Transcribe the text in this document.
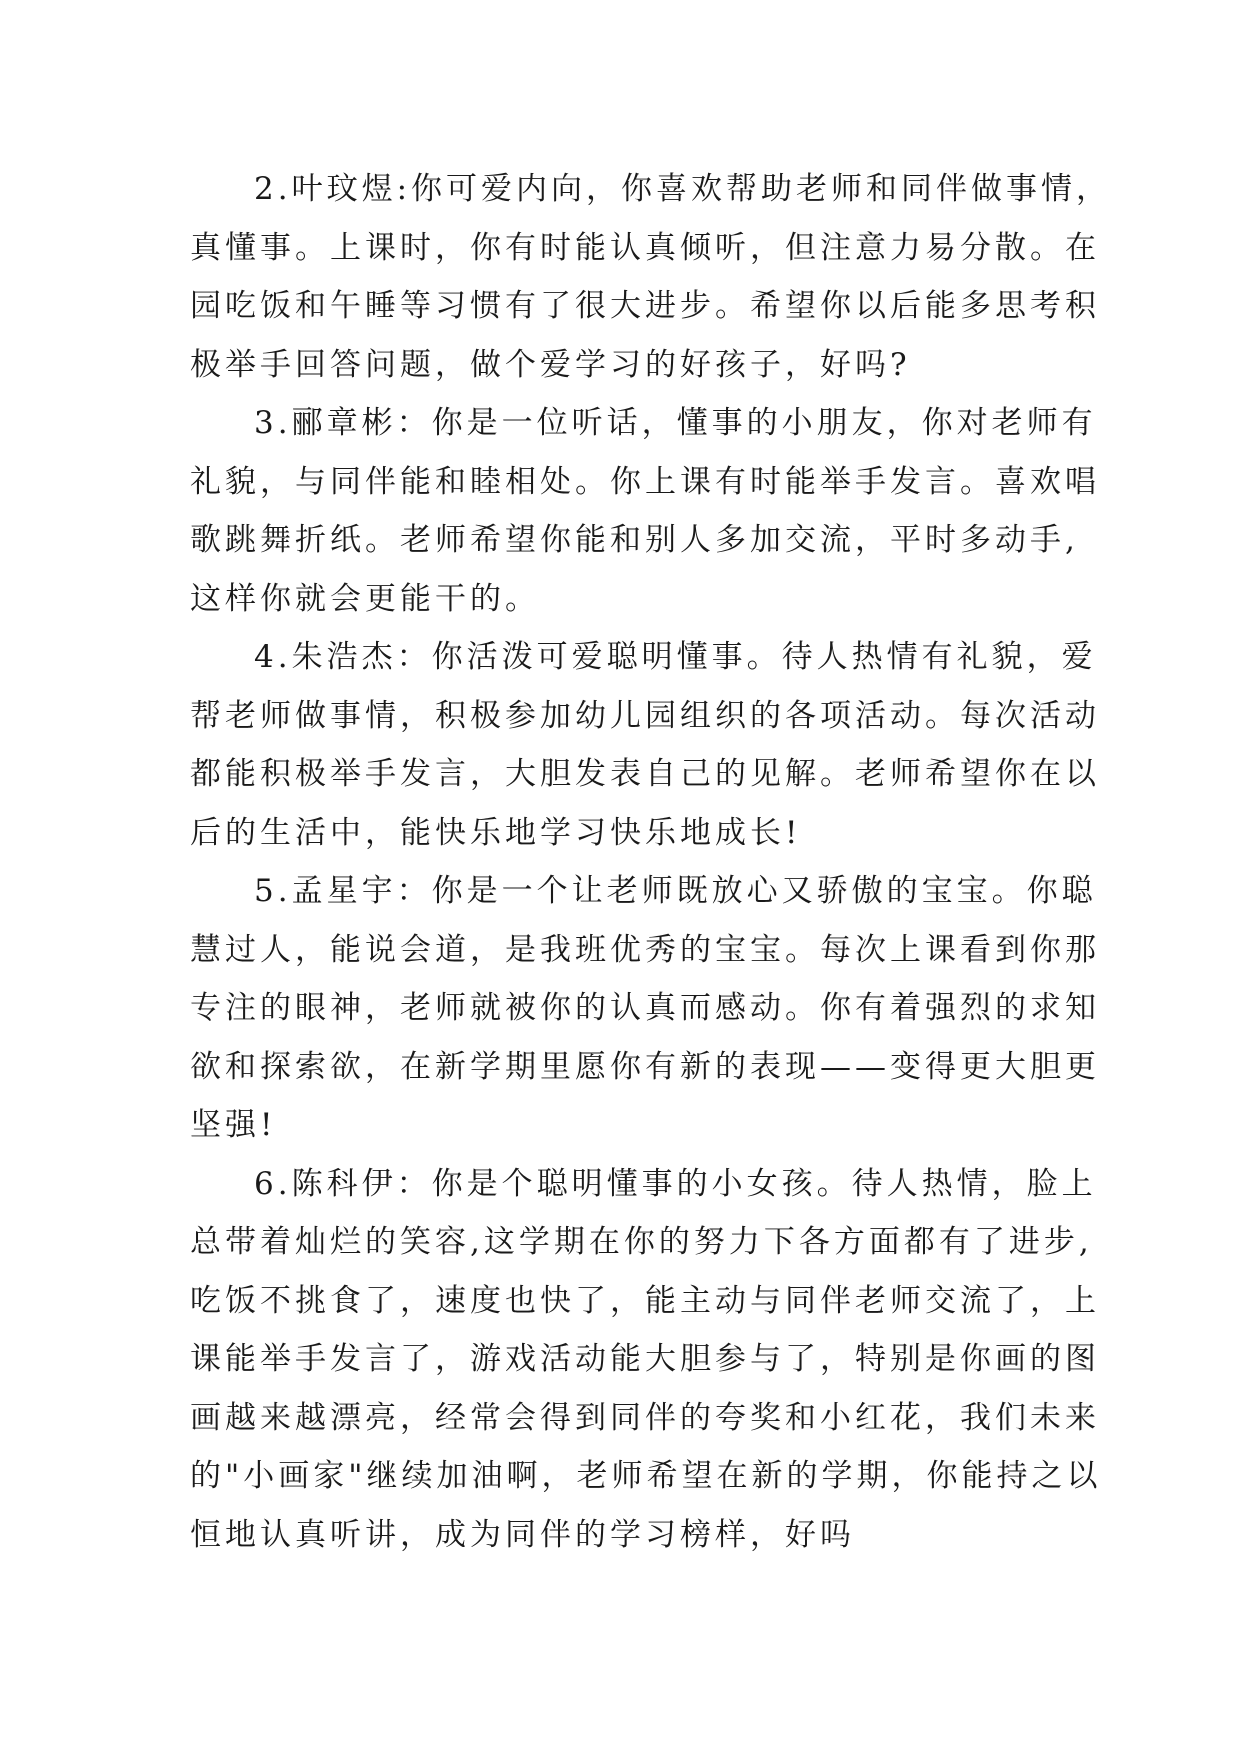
2.叶玟煜:你可爱内向，你喜欢帮助老师和同伴做事情，
真懂事。上课时，你有时能认真倾听，但注意力易分散。在
园吃饭和午睡等习惯有了很大进步。希望你以后能多思考积
极举手回答问题，做个爱学习的好孩子，好吗?

3.郦章彬：你是一位听话，懂事的小朋友，你对老师有
礼貌，与同伴能和睦相处。你上课有时能举手发言。喜欢唱
歌跳舞折纸。老师希望你能和别人多加交流，平时多动手,
这样你就会更能干的。

4.朱浩杰：你活泼可爱聪明懂事。待人热情有礼貌，爱
帮老师做事情，积极参加幼儿园组织的各项活动。每次活动
都能积极举手发言，大胆发表自己的见解。老师希望你在以
后的生活中，能快乐地学习快乐地成长!

5.孟星宇：你是一个让老师既放心又骄傲的宝宝。你聪
慧过人，能说会道，是我班优秀的宝宝。每次上课看到你那
专注的眼神，老师就被你的认真而感动。你有着强烈的求知
欲和探索欲，在新学期里愿你有新的表现——变得更大胆更
坚强!

6.陈科伊：你是个聪明懂事的小女孩。待人热情，脸上
总带着灿烂的笑容,这学期在你的努力下各方面都有了进步,
吃饭不挑食了，速度也快了，能主动与同伴老师交流了，上
课能举手发言了，游戏活动能大胆参与了，特别是你画的图
画越来越漂亮，经常会得到同伴的夸奖和小红花，我们未来
的"小画家"继续加油啊，老师希望在新的学期，你能持之以
恒地认真听讲，成为同伴的学习榜样，好吗
